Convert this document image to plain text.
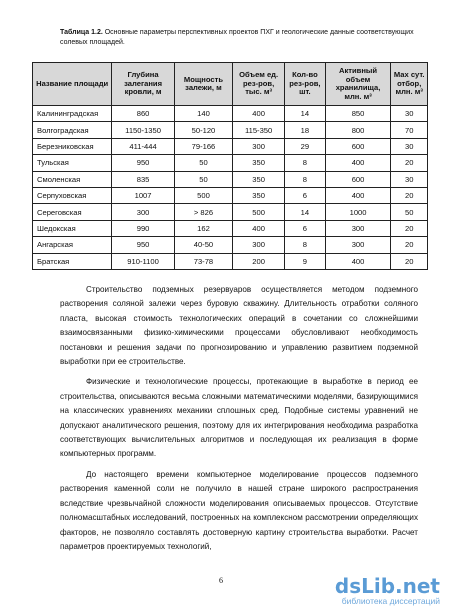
Таблица 1.2. Основные параметры перспективных проектов ПХГ и геологические данные соответствующих солевых площадей.
Название площади	Глубина залегания кровли, м	Мощность залежи, м	Объем ед. рез-ров, тыс. м³	Кол-во рез-ров, шт.	Активный объем хранилища, млн. м³	Мах сут. отбор, млн. м³
Калининградская	860	140	400	14	850	30
Волгоградская	1150-1350	50-120	115-350	18	800	70
Березниковская	411-444	79-166	300	29	600	30
Тульская	950	50	350	8	400	20
Смоленская	835	50	350	8	600	30
Серпуховская	1007	500	350	6	400	20
Сереговская	300	> 826	500	14	1000	50
Шедокская	990	162	400	6	300	20
Ангарская	950	40-50	300	8	300	20
Братская	910-1100	73-78	200	9	400	20

Строительство подземных резервуаров осуществляется методом подземного растворения соляной залежи через буровую скважину. Длительность отработки соляного пласта, высокая стоимость технологических операций в сочетании со сложнейшими взаимосвязанными физико-химическими процессами обусловливают необходимость постановки и решения задачи по прогнозированию и управлению развитием подземной выработки при ее строительстве.

Физические и технологические процессы, протекающие в выработке в период ее строительства, описываются весьма сложными математическими моделями, базирующимися на классических уравнениях механики сплошных сред. Подобные системы уравнений не допускают аналитического решения, поэтому для их интегрирования необходима разработка соответствующих вычислительных алгоритмов и последующая их реализация в форме компьютерных программ.

До настоящего времени компьютерное моделирование процессов подземного растворения каменной соли не получило в нашей стране широкого распространения вследствие чрезвычайной сложности моделирования описываемых процессов. Отсутствие полномасштабных исследований, построенных на комплексном рассмотрении определяющих факторов, не позволяло составлять достоверную картину строительства выработки. Расчет параметров проектируемых технологий,

6	dsLib.net
библиотека диссертаций
